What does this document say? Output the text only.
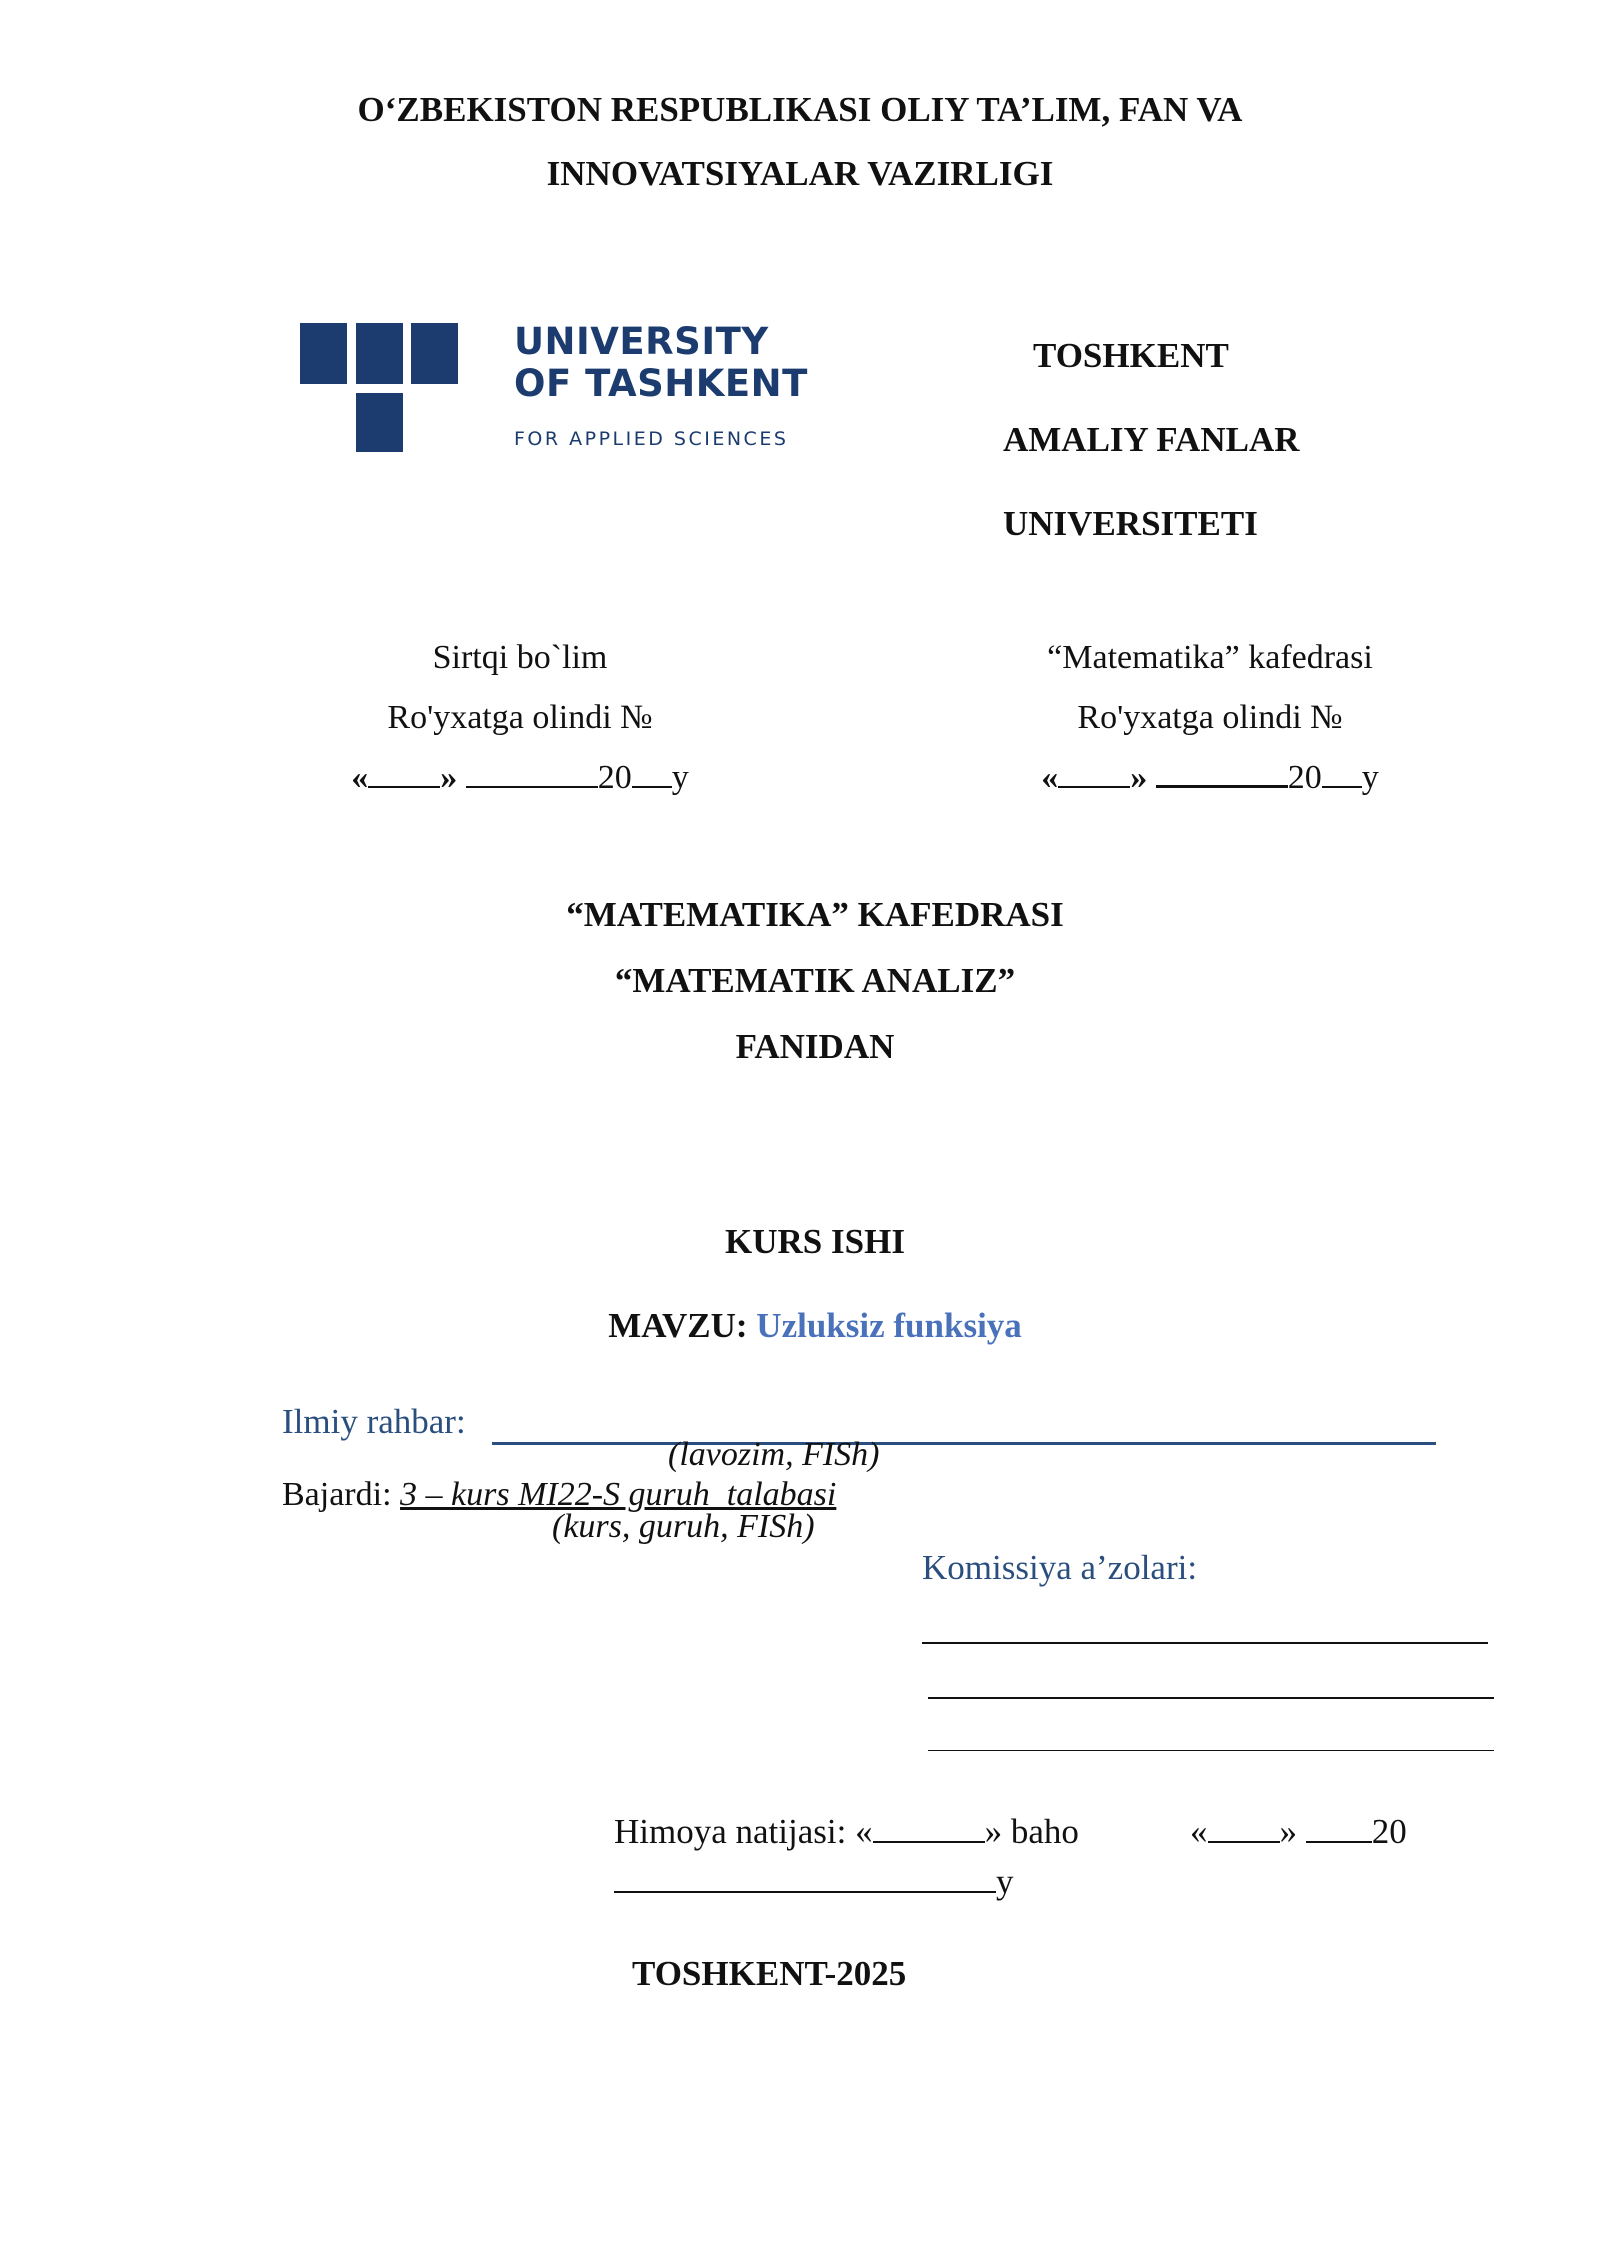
O‘ZBEKISTON RESPUBLIKASI OLIY TA’LIM, FAN VA
INNOVATSIYALAR VAZIRLIGI
UNIVERSITY
OF TASHKENT
FOR APPLIED SCIENCES
TOSHKENT
AMALIY FANLAR
UNIVERSITETI
Sirtqi bo`lim
Ro'yxatga olindi №
« »	20 y
“Matematika” kafedrasi
Ro'yxatga olindi №
« »	20 y
“MATEMATIKA” KAFEDRASI
“MATEMATIK ANALIZ”
FANIDAN
KURS ISHI
MAVZU: Uzluksiz funksiya
Ilmiy rahbar:
(lavozim, FISh)
Bajardi: 3 – kurs MI22-S guruh  talabasi
(kurs, guruh, FISh)
Komissiya a’zolari:
Himoya natijasi: «	» baho	« » 20
y
TOSHKENT-2025
